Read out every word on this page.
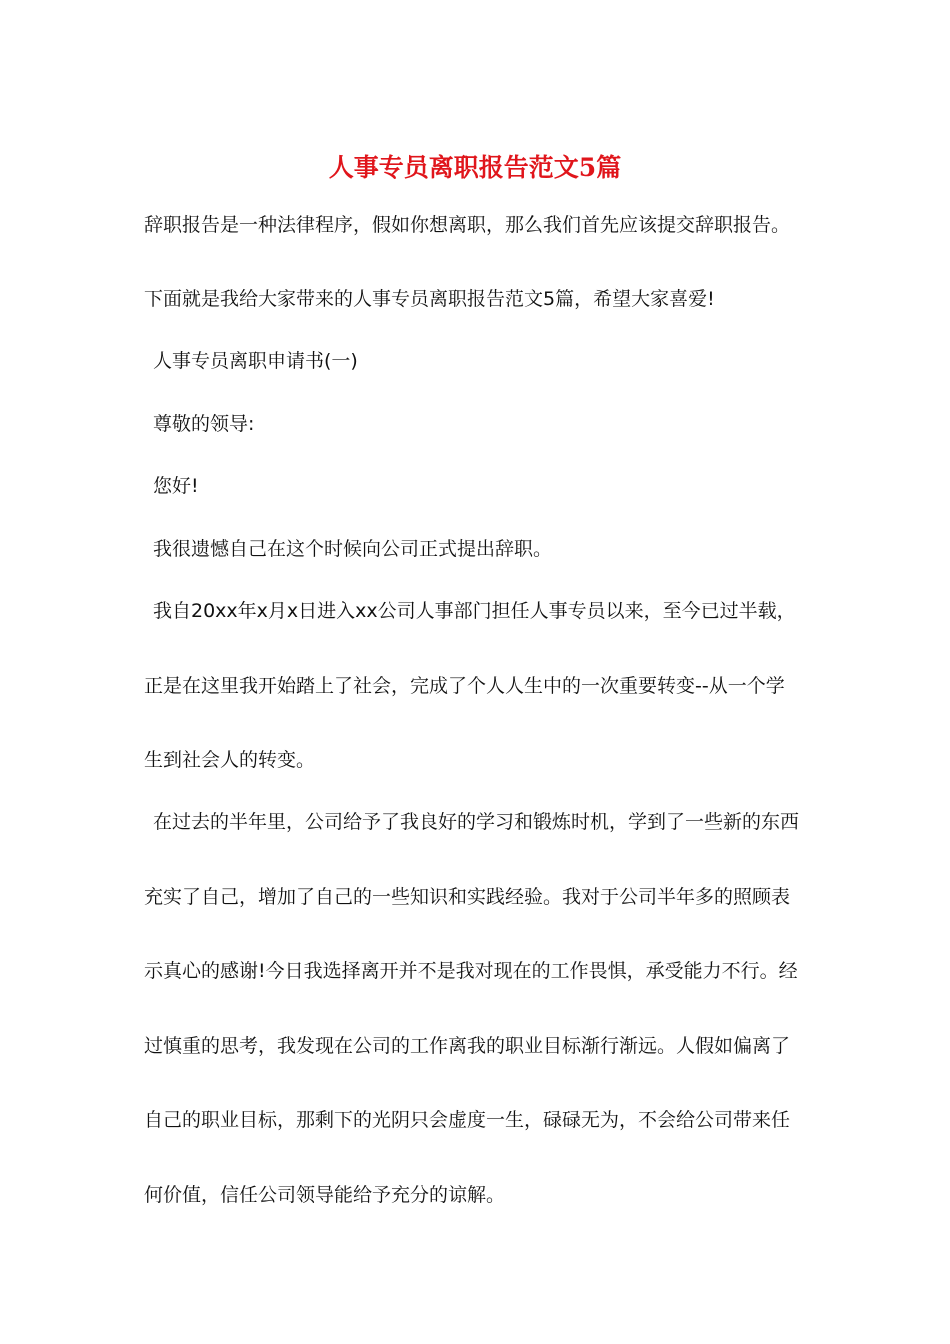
人事专员离职报告范文5篇
辞职报告是一种法律程序，假如你想离职，那么我们首先应该提交辞职报告。
下面就是我给大家带来的人事专员离职报告范文5篇，希望大家喜爱!
人事专员离职申请书(一)
尊敬的领导:
您好!
我很遗憾自己在这个时候向公司正式提出辞职。
我自20xx年x月x日进入xx公司人事部门担任人事专员以来，至今已过半载，
正是在这里我开始踏上了社会，完成了个人人生中的一次重要转变--从一个学
生到社会人的转变。
在过去的半年里，公司给予了我良好的学习和锻炼时机，学到了一些新的东西
充实了自己，增加了自己的一些知识和实践经验。我对于公司半年多的照顾表
示真心的感谢!今日我选择离开并不是我对现在的工作畏惧，承受能力不行。经
过慎重的思考，我发现在公司的工作离我的职业目标渐行渐远。人假如偏离了
自己的职业目标，那剩下的光阴只会虚度一生，碌碌无为，不会给公司带来任
何价值，信任公司领导能给予充分的谅解。
